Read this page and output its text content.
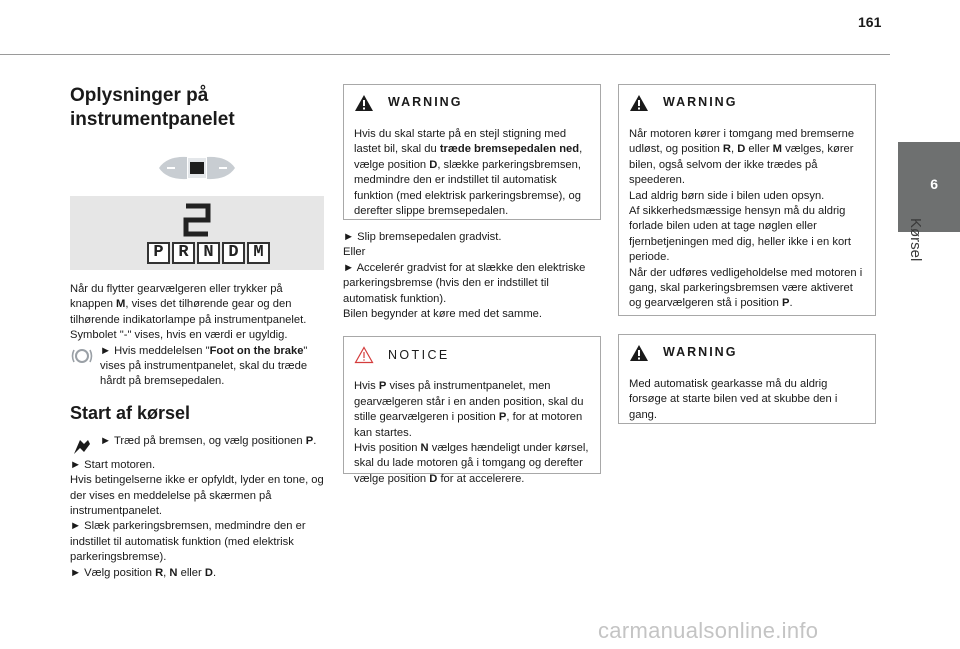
161
6
Kørsel
Oplysninger på instrumentpanelet
P R N D M
Når du flytter gearvælgeren eller trykker på knappen M, vises det tilhørende gear og den tilhørende indikatorlampe på instrumentpanelet.
Symbolet "-" vises, hvis en værdi er ugyldig.
► Hvis meddelelsen "Foot on the brake" vises på instrumentpanelet, skal du træde hårdt på bremsepedalen.
Start af kørsel
► Træd på bremsen, og vælg positionen P.
► Start motoren.
Hvis betingelserne ikke er opfyldt, lyder en tone, og der vises en meddelelse på skærmen på instrumentpanelet.
► Slæk parkeringsbremsen, medmindre den er indstillet til automatisk funktion (med elektrisk parkeringsbremse).
► Vælg position R, N eller D.
WARNING
Hvis du skal starte på en stejl stigning med lastet bil, skal du træde bremsepedalen ned, vælge position D, slække parkeringsbremsen, medmindre den er indstillet til automatisk funktion (med elektrisk parkeringsbremse), og derefter slippe bremsepedalen.
► Slip bremsepedalen gradvist.
Eller
► Accelerér gradvist for at slække den elektriske parkeringsbremse (hvis den er indstillet til automatisk funktion).
Bilen begynder at køre med det samme.
NOTICE
Hvis P vises på instrumentpanelet, men gearvælgeren står i en anden position, skal du stille gearvælgeren i position P, for at motoren kan startes.
Hvis position N vælges hændeligt under kørsel, skal du lade motoren gå i tomgang og derefter vælge position D for at accelerere.
WARNING
Når motoren kører i tomgang med bremserne udløst, og position R, D eller M vælges, kører bilen, også selvom der ikke trædes på speederen.
Lad aldrig børn side i bilen uden opsyn.
Af sikkerhedsmæssige hensyn må du aldrig forlade bilen uden at tage nøglen eller fjernbetjeningen med dig, heller ikke i en kort periode.
Når der udføres vedligeholdelse med motoren i gang, skal parkeringsbremsen være aktiveret og gearvælgeren stå i position P.
WARNING
Med automatisk gearkasse må du aldrig forsøge at starte bilen ved at skubbe den i gang.
carmanualsonline.info
